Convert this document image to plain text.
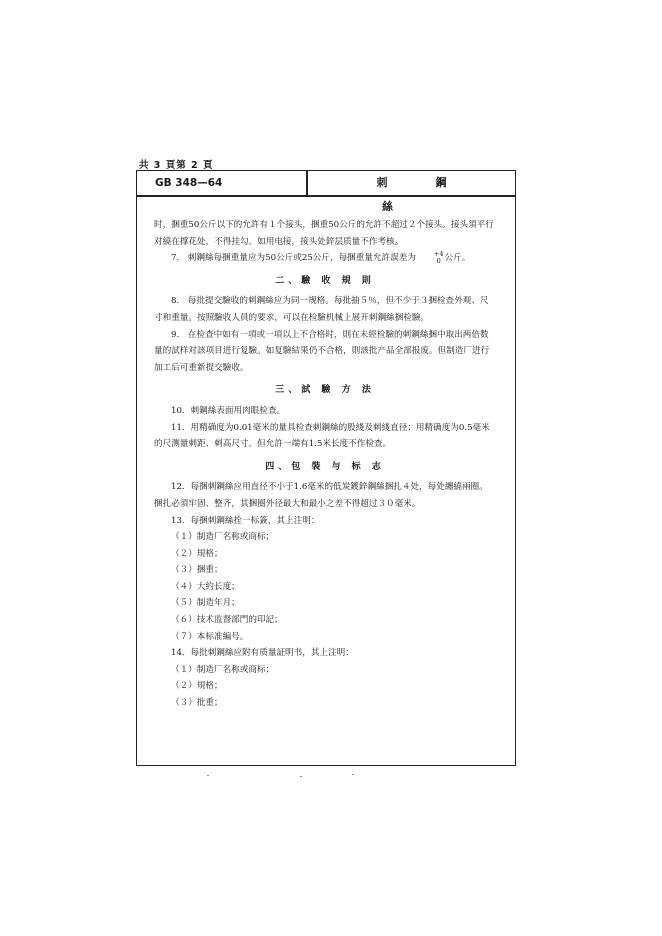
共 3 頁第 2 頁
GB 348—64	刺鋼絲

时，捆重50公斤以下的允許有１个接头，捆重50公斤的允許不超过２个接头。接头須平行对繞在撑花处，不得挂勾。如用电接，接头处鋅层质量不作考核。

7.　刺鋼絲每捆重量应为50公斤或25公斤，每捆重量允許誤差为	+4
0 公斤。

二、驗 收 規 則

8.　每批提交驗收的刺鋼絲应为同一规格。每批抽５％，但不少于３捆检查外观、尺寸和重量。按照驗收人員的要求，可以在检驗机械上展开刺鋼絲捆检驗。

9.　在检查中如有一項或一項以上不合格时，則在未經检驗的刺鋼絲捆中取出两倍数量的試样对該项目进行复驗。如复驗結果仍不合格，則該批产品全部报废。但制造厂进行加工后可重新提交驗收。

三、試 驗 方 法

10．刺鋼絲表面用肉眼检查。

11．用精确度为0.01毫米的量具检查刺鋼絲的股綫及刺綫直径；用精确度为0.5毫米的尺测量刺距、刺高尺寸。但允許一端有1.5米长度不作检查。

四、包 裝 与 标 志

12．每捆刺鋼絲应用直径不小于1.6毫米的低炭鍍鋅鋼絲捆扎４处，每处纏繞兩圈。捆扎必須牢固、整齐，其捆圈外径最大和最小之差不得超过３０毫米。

13．每捆刺鋼絲拴一标簽，其上注明：

（１）制造厂名称或商标；

（２）規格；

（３）捆重；

（４）大約长度；

（５）制造年月；

（６）技术监督部門的印記；

（７）本标准編号。

14．每批刺鋼絲应附有质量証明书，其上注明：

（１）制造厂名称或商标；

（２）規格；

（３）批重；
